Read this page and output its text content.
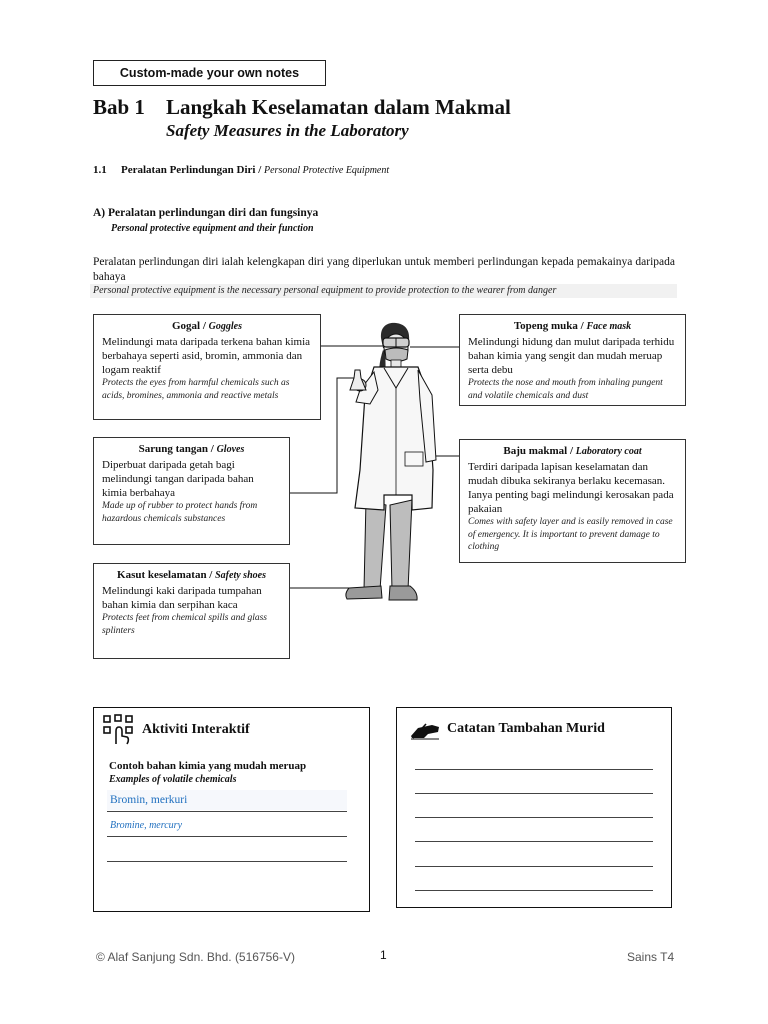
Custom-made your own notes
Bab 1 Langkah Keselamatan dalam Makmal
Safety Measures in the Laboratory
1.1 Peralatan Perlindungan Diri / Personal Protective Equipment
A) Peralatan perlindungan diri dan fungsinya
Personal protective equipment and their function
Peralatan perlindungan diri ialah kelengkapan diri yang diperlukan untuk memberi perlindungan kepada pemakainya daripada bahaya
Personal protective equipment is the necessary personal equipment to provide protection to the wearer from danger
Gogal / Goggles
Melindungi mata daripada terkena bahan kimia berbahaya seperti asid, bromin, ammonia dan logam reaktif
Protects the eyes from harmful chemicals such as acids, bromines, ammonia and reactive metals
Sarung tangan / Gloves
Diperbuat daripada getah bagi melindungi tangan daripada bahan kimia berbahaya
Made up of rubber to protect hands from hazardous chemicals substances
Kasut keselamatan / Safety shoes
Melindungi kaki daripada tumpahan bahan kimia dan serpihan kaca
Protects feet from chemical spills and glass splinters
Topeng muka / Face mask
Melindungi hidung dan mulut daripada terhidu bahan kimia yang sengit dan mudah meruap serta debu
Protects the nose and mouth from inhaling pungent and volatile chemicals and dust
Baju makmal / Laboratory coat
Terdiri daripada lapisan keselamatan dan mudah dibuka sekiranya berlaku kecemasan. Ianya penting bagi melindungi kerosakan pada pakaian
Comes with safety layer and is easily removed in case of emergency. It is important to prevent damage to clothing
Aktiviti Interaktif
Contoh bahan kimia yang mudah meruap
Examples of volatile chemicals
Bromin, merkuri
Bromine, mercury
Catatan Tambahan Murid
© Alaf Sanjung Sdn. Bhd. (516756-V)	1	Sains T4
